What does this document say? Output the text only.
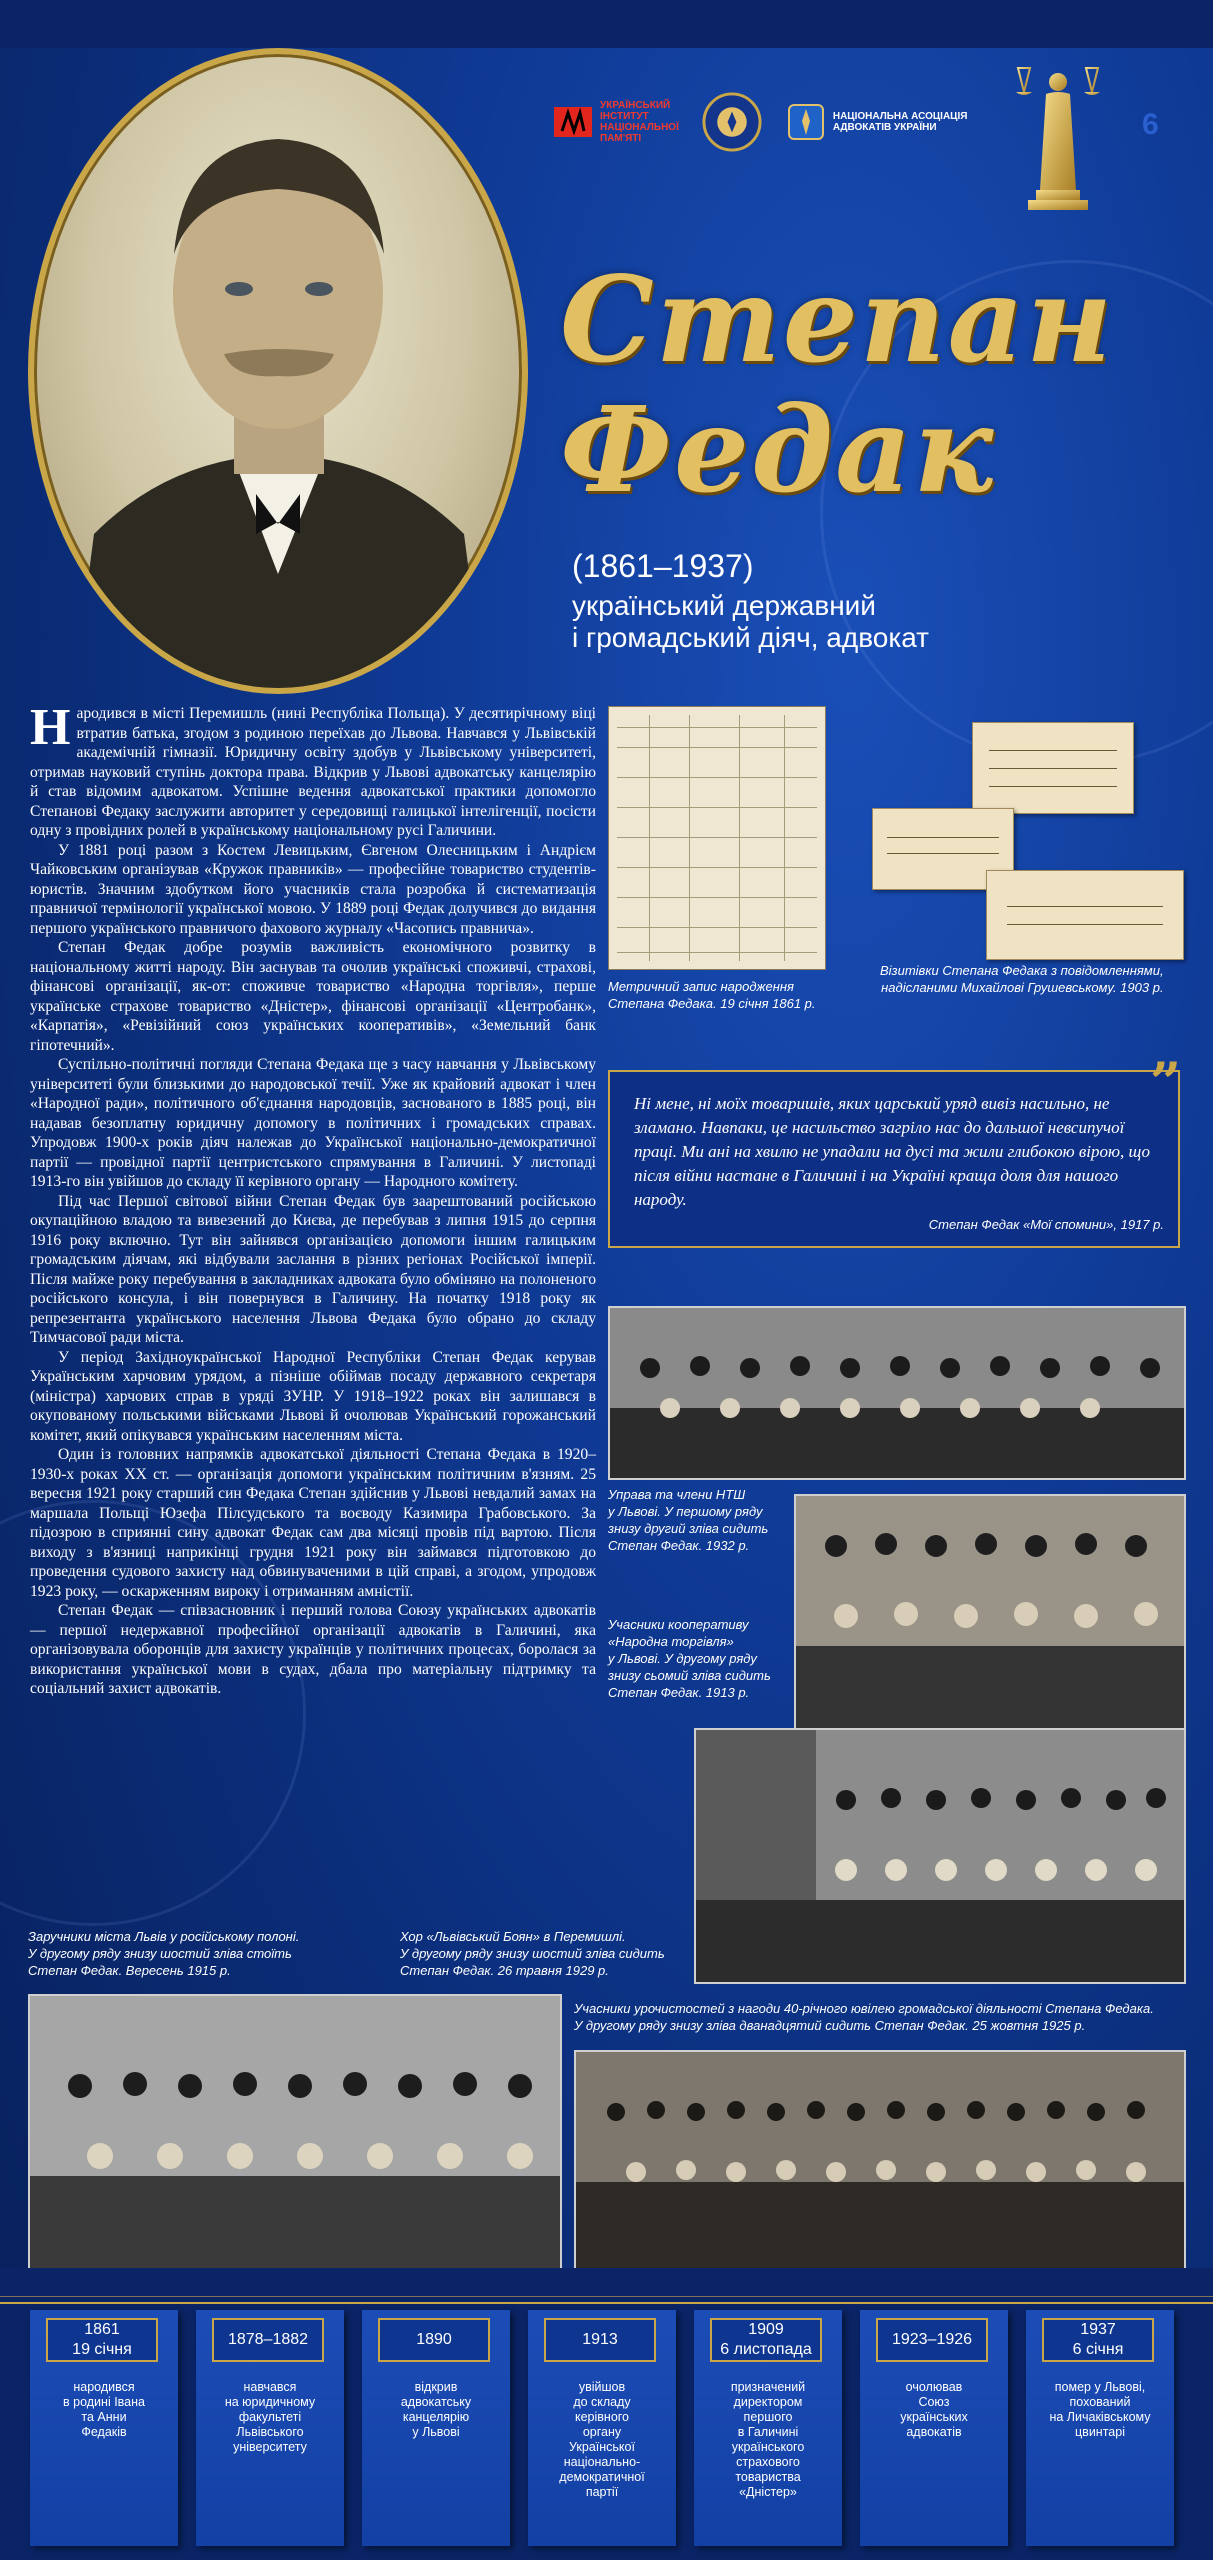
УКРАЇНСЬКИЙ
ІНСТИТУТ
НАЦІОНАЛЬНОЇ
ПАМ'ЯТІ
НАЦІОНАЛЬНА АСОЦІАЦІЯ
АДВОКАТІВ УКРАЇНИ	6
Степан
Федак
(1861–1937)
український державний
і громадський діяч, адвокат

Народився в місті Перемишль (нині Республіка Польща). У десятирічному віці втратив батька, згодом з родиною переїхав до Львова. Навчався у Львівській академічній гімназії. Юридичну освіту здобув у Львівському університеті, отримав науковий ступінь доктора права. Відкрив у Львові адвокатську канцелярію й став відомим адвокатом. Успішне ведення адвокатської практики допомогло Степанові Федаку заслужити авторитет у середовищі галицької інтелігенції, посісти одну з провідних ролей в українському національному русі Галичини.

У 1881 році разом з Костем Левицьким, Євгеном Олесницьким і Андрієм Чайковським організував «Кружок правників» — професійне товариство студентів-юристів. Значним здобутком його учасників стала розробка й систематизація правничої термінології української мовою. У 1889 році Федак долучився до видання першого українського правничого фахового журналу «Часопись правнича».

Степан Федак добре розумів важливість економічного розвитку в національному житті народу. Він заснував та очолив українські споживчі, страхові, фінансові організації, як-от: споживче товариство «Народна торгівля», перше українське страхове товариство «Дністер», фінансові організації «Центробанк», «Карпатія», «Ревізійний союз українських кооперативів», «Земельний банк гіпотечний».

Суспільно-політичні погляди Степана Федака ще з часу навчання у Львівському університеті були близькими до народовської течії. Уже як крайовий адвокат і член «Народної ради», політичного об'єднання народовців, заснованого в 1885 році, він надавав безоплатну юридичну допомогу в політичних і громадських справах. Упродовж 1900-х років діяч належав до Української національно-демократичної партії — провідної партії центристського спрямування в Галичині. У листопаді 1913-го він увійшов до складу її керівного органу — Народного комітету.

Під час Першої світової війни Степан Федак був заарештований російською окупаційною владою та вивезений до Києва, де перебував з липня 1915 до серпня 1916 року включно. Тут він зайнявся організацією допомоги іншим галицьким громадським діячам, які відбували заслання в різних регіонах Російської імперії. Після майже року перебування в закладниках адвоката було обміняно на полоненого російського консула, і він повернувся в Галичину. На початку 1918 року як репрезентанта українського населення Львова Федака було обрано до складу Тимчасової ради міста.

У період Західноукраїнської Народної Республіки Степан Федак керував Українським харчовим урядом, а пізніше обіймав посаду державного секретаря (міністра) харчових справ в уряді ЗУНР. У 1918–1922 роках він залишався в окупованому польськими військами Львові й очолював Український горожанський комітет, який опікувався українським населенням міста.

Один із головних напрямків адвокатської діяльності Степана Федака в 1920–1930-х роках ХХ ст. — організація допомоги українським політичним в'язням. 25 вересня 1921 року старший син Федака Степан здійснив у Львові невдалий замах на маршала Польщі Юзефа Пілсудського та воєводу Казимира Грабовського. За підозрою в сприянні сину адвокат Федак сам два місяці провів під вартою. Після виходу з в'язниці наприкінці грудня 1921 року він займався підготовкою до проведення судового захисту над обвинуваченими в цій справі, а згодом, упродовж 1923 року, — оскарженням вироку і отриманням амністії.

Степан Федак — співзасновник і перший голова Союзу українських адвокатів — першої недержавної професійної організації адвокатів в Галичині, яка організовувала оборонців для захисту українців у політичних процесах, боролася за використання української мови в судах, дбала про матеріальну підтримку та соціальний захист адвокатів.

Метричний запис народження
Степана Федака. 19 січня 1861 р.
Візитівки Степана Федака з повідомленнями,
надісланими Михайлові Грушевському. 1903 р.
Ні мене, ні моїх товаришів, яких царський уряд вивіз насильно, не зламано. Навпаки, це насильство загріло нас до дальшої невсипучої праці. Ми ані на хвилю не упадали на дусі та жили глибокою вірою, що після війни настане в Галичині і на Україні краща доля для нашого народу.
Степан Федак «Мої спомини», 1917 р.
”
Управа та члени НТШ
у Львові. У першому ряду
знизу другий зліва сидить
Степан Федак. 1932 р.
Учасники кооперативу
«Народна торгівля»
у Львові. У другому ряду
знизу сьомий зліва сидить
Степан Федак. 1913 р.
Заручники міста Львів у російському полоні.
У другому ряду знизу шостий зліва стоїть
Степан Федак. Вересень 1915 р.
Хор «Львівський Боян» в Перемишлі.
У другому ряду знизу шостий зліва сидить
Степан Федак. 26 травня 1929 р.
Учасники урочистостей з нагоди 40-річного ювілею громадської діяльності Степана Федака.
У другому ряду знизу зліва дванадцятий сидить Степан Федак. 25 жовтня 1925 р.
1861
19 січня
народився
в родині Івана
та Анни
Федаків
1878–1882
навчався
на юридичному
факультеті
Львівського
університету
1890
відкрив
адвокатську
канцелярію
у Львові
1913
увійшов
до складу
керівного
органу
Української
національно-
демократичної
партії
1909
6 листопада
призначений
директором
першого
в Галичині
українського
страхового
товариства
«Дністер»
1923–1926
очолював
Союз
українських
адвокатів
1937
6 січня
помер у Львові,
похований
на Личаківському
цвинтарі
